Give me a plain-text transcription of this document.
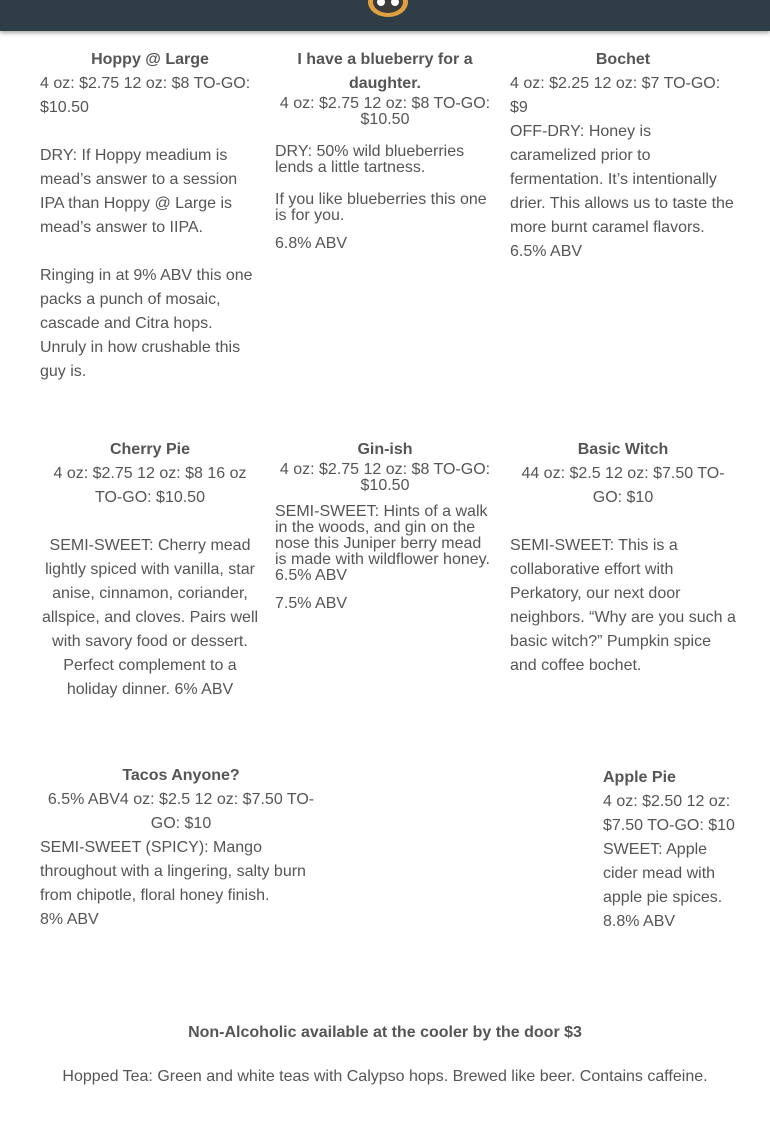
Hoppy @ Large

4 oz: $2.75 12 oz: $8 TO-GO: $10.50

DRY: If Hoppy meadium is mead’s answer to a session IPA than Hoppy @ Large is mead’s answer to IIPA.

Ringing in at 9% ABV this one packs a punch of mosaic, cascade and Citra hops. Unruly in how crushable this guy is.

I have a blueberry for a daughter.

4 oz: $2.75 12 oz: $8 TO-GO: $10.50

DRY: 50% wild blueberries lends a little tartness.

If you like blueberries this one is for you.

6.8% ABV

Bochet

4 oz: $2.25 12 oz: $7 TO-GO: $9

OFF-DRY: Honey is caramelized prior to fermentation. It’s intentionally drier. This allows us to taste the more burnt caramel flavors. 6.5% ABV

Cherry Pie

4 oz: $2.75 12 oz: $8 16 oz TO-GO: $10.50

SEMI-SWEET: Cherry mead lightly spiced with vanilla, star anise, cinnamon, coriander, allspice, and cloves. Pairs well with savory food or dessert. Perfect complement to a holiday dinner. 6% ABV

Gin-ish

4 oz: $2.75 12 oz: $8 TO-GO: $10.50

SEMI-SWEET: Hints of a walk in the woods, and gin on the nose this Juniper berry mead is made with wildflower honey. 6.5% ABV

7.5% ABV

Basic Witch

44 oz: $2.5 12 oz: $7.50 TO-GO: $10

SEMI-SWEET: This is a collaborative effort with Perkatory, our next door neighbors. “Why are you such a basic witch?” Pumpkin spice and coffee bochet.

Tacos Anyone?

6.5% ABV4 oz: $2.5 12 oz: $7.50 TO-GO: $10

SEMI-SWEET (SPICY): Mango throughout with a lingering, salty burn from chipotle, floral honey finish.

8% ABV

Apple Pie

4 oz: $2.50 12 oz: $7.50 TO-GO: $10

SWEET: Apple cider mead with apple pie spices.

8.8% ABV

Non-Alcoholic available at the cooler by the door $3

Hopped Tea: Green and white teas with Calypso hops. Brewed like beer. Contains caffeine.
